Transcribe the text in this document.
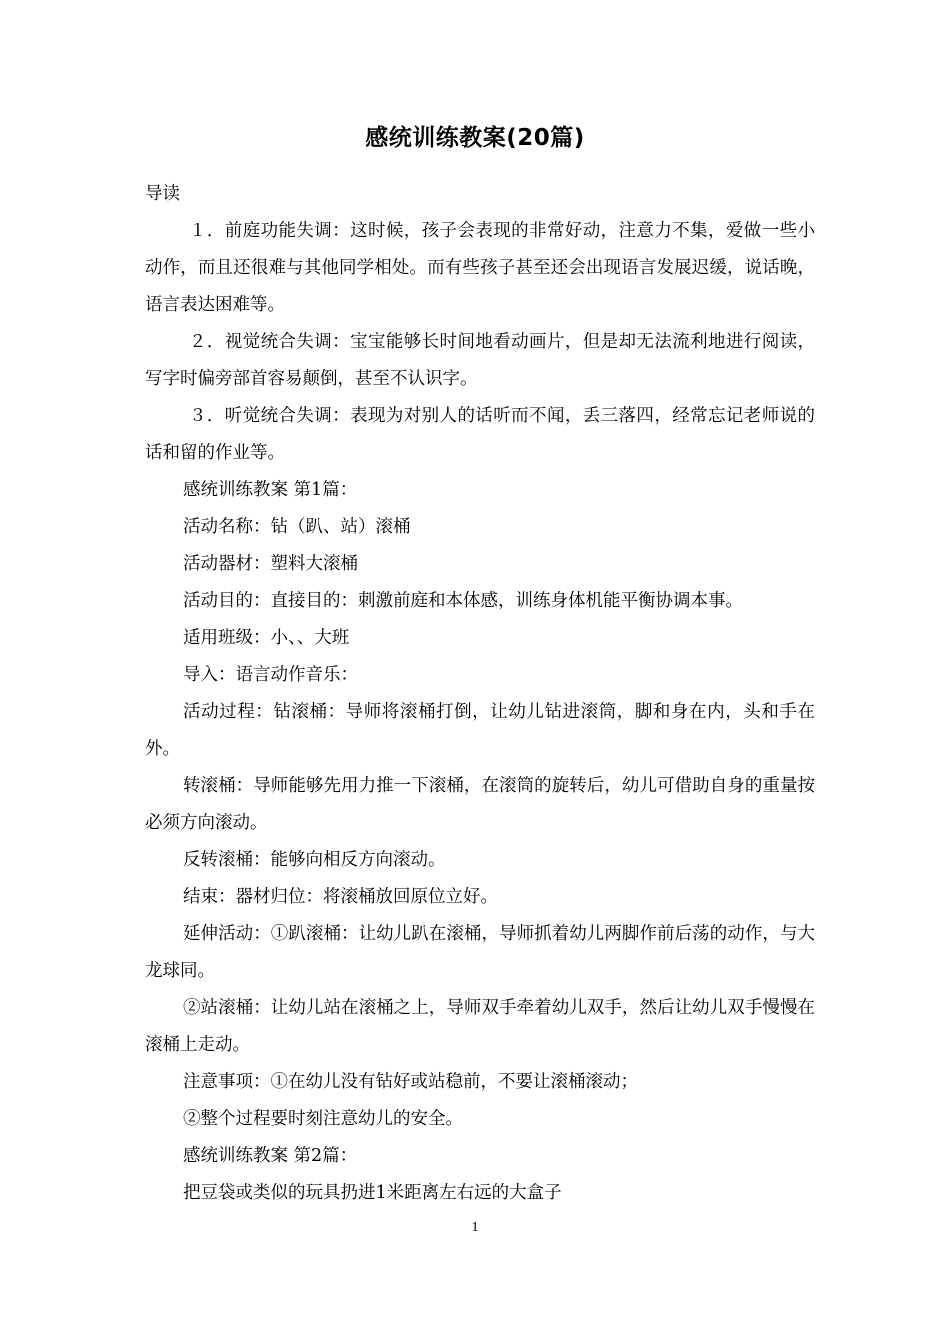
感统训练教案(20篇)

导读

１．前庭功能失调：这时候，孩子会表现的非常好动，注意力不集，爱做一些小动作，而且还很难与其他同学相处。而有些孩子甚至还会出现语言发展迟缓，说话晚，语言表达困难等。

２．视觉统合失调：宝宝能够长时间地看动画片，但是却无法流利地进行阅读，写字时偏旁部首容易颠倒，甚至不认识字。

３．听觉统合失调：表现为对别人的话听而不闻，丢三落四，经常忘记老师说的话和留的作业等。

感统训练教案 第1篇：

活动名称：钻（趴、站）滚桶

活动器材：塑料大滚桶

活动目的：直接目的：刺激前庭和本体感，训练身体机能平衡协调本事。

适用班级：小、、大班

导入：语言动作音乐：

活动过程：钻滚桶：导师将滚桶打倒，让幼儿钻进滚筒，脚和身在内，头和手在外。

转滚桶：导师能够先用力推一下滚桶，在滚筒的旋转后，幼儿可借助自身的重量按必须方向滚动。

反转滚桶：能够向相反方向滚动。

结束：器材归位：将滚桶放回原位立好。

延伸活动：①趴滚桶：让幼儿趴在滚桶，导师抓着幼儿两脚作前后荡的动作，与大龙球同。

②站滚桶：让幼儿站在滚桶之上，导师双手牵着幼儿双手，然后让幼儿双手慢慢在滚桶上走动。

注意事项：①在幼儿没有钻好或站稳前，不要让滚桶滚动；

②整个过程要时刻注意幼儿的安全。

感统训练教案 第2篇：

把豆袋或类似的玩具扔进1米距离左右远的大盒子

1
